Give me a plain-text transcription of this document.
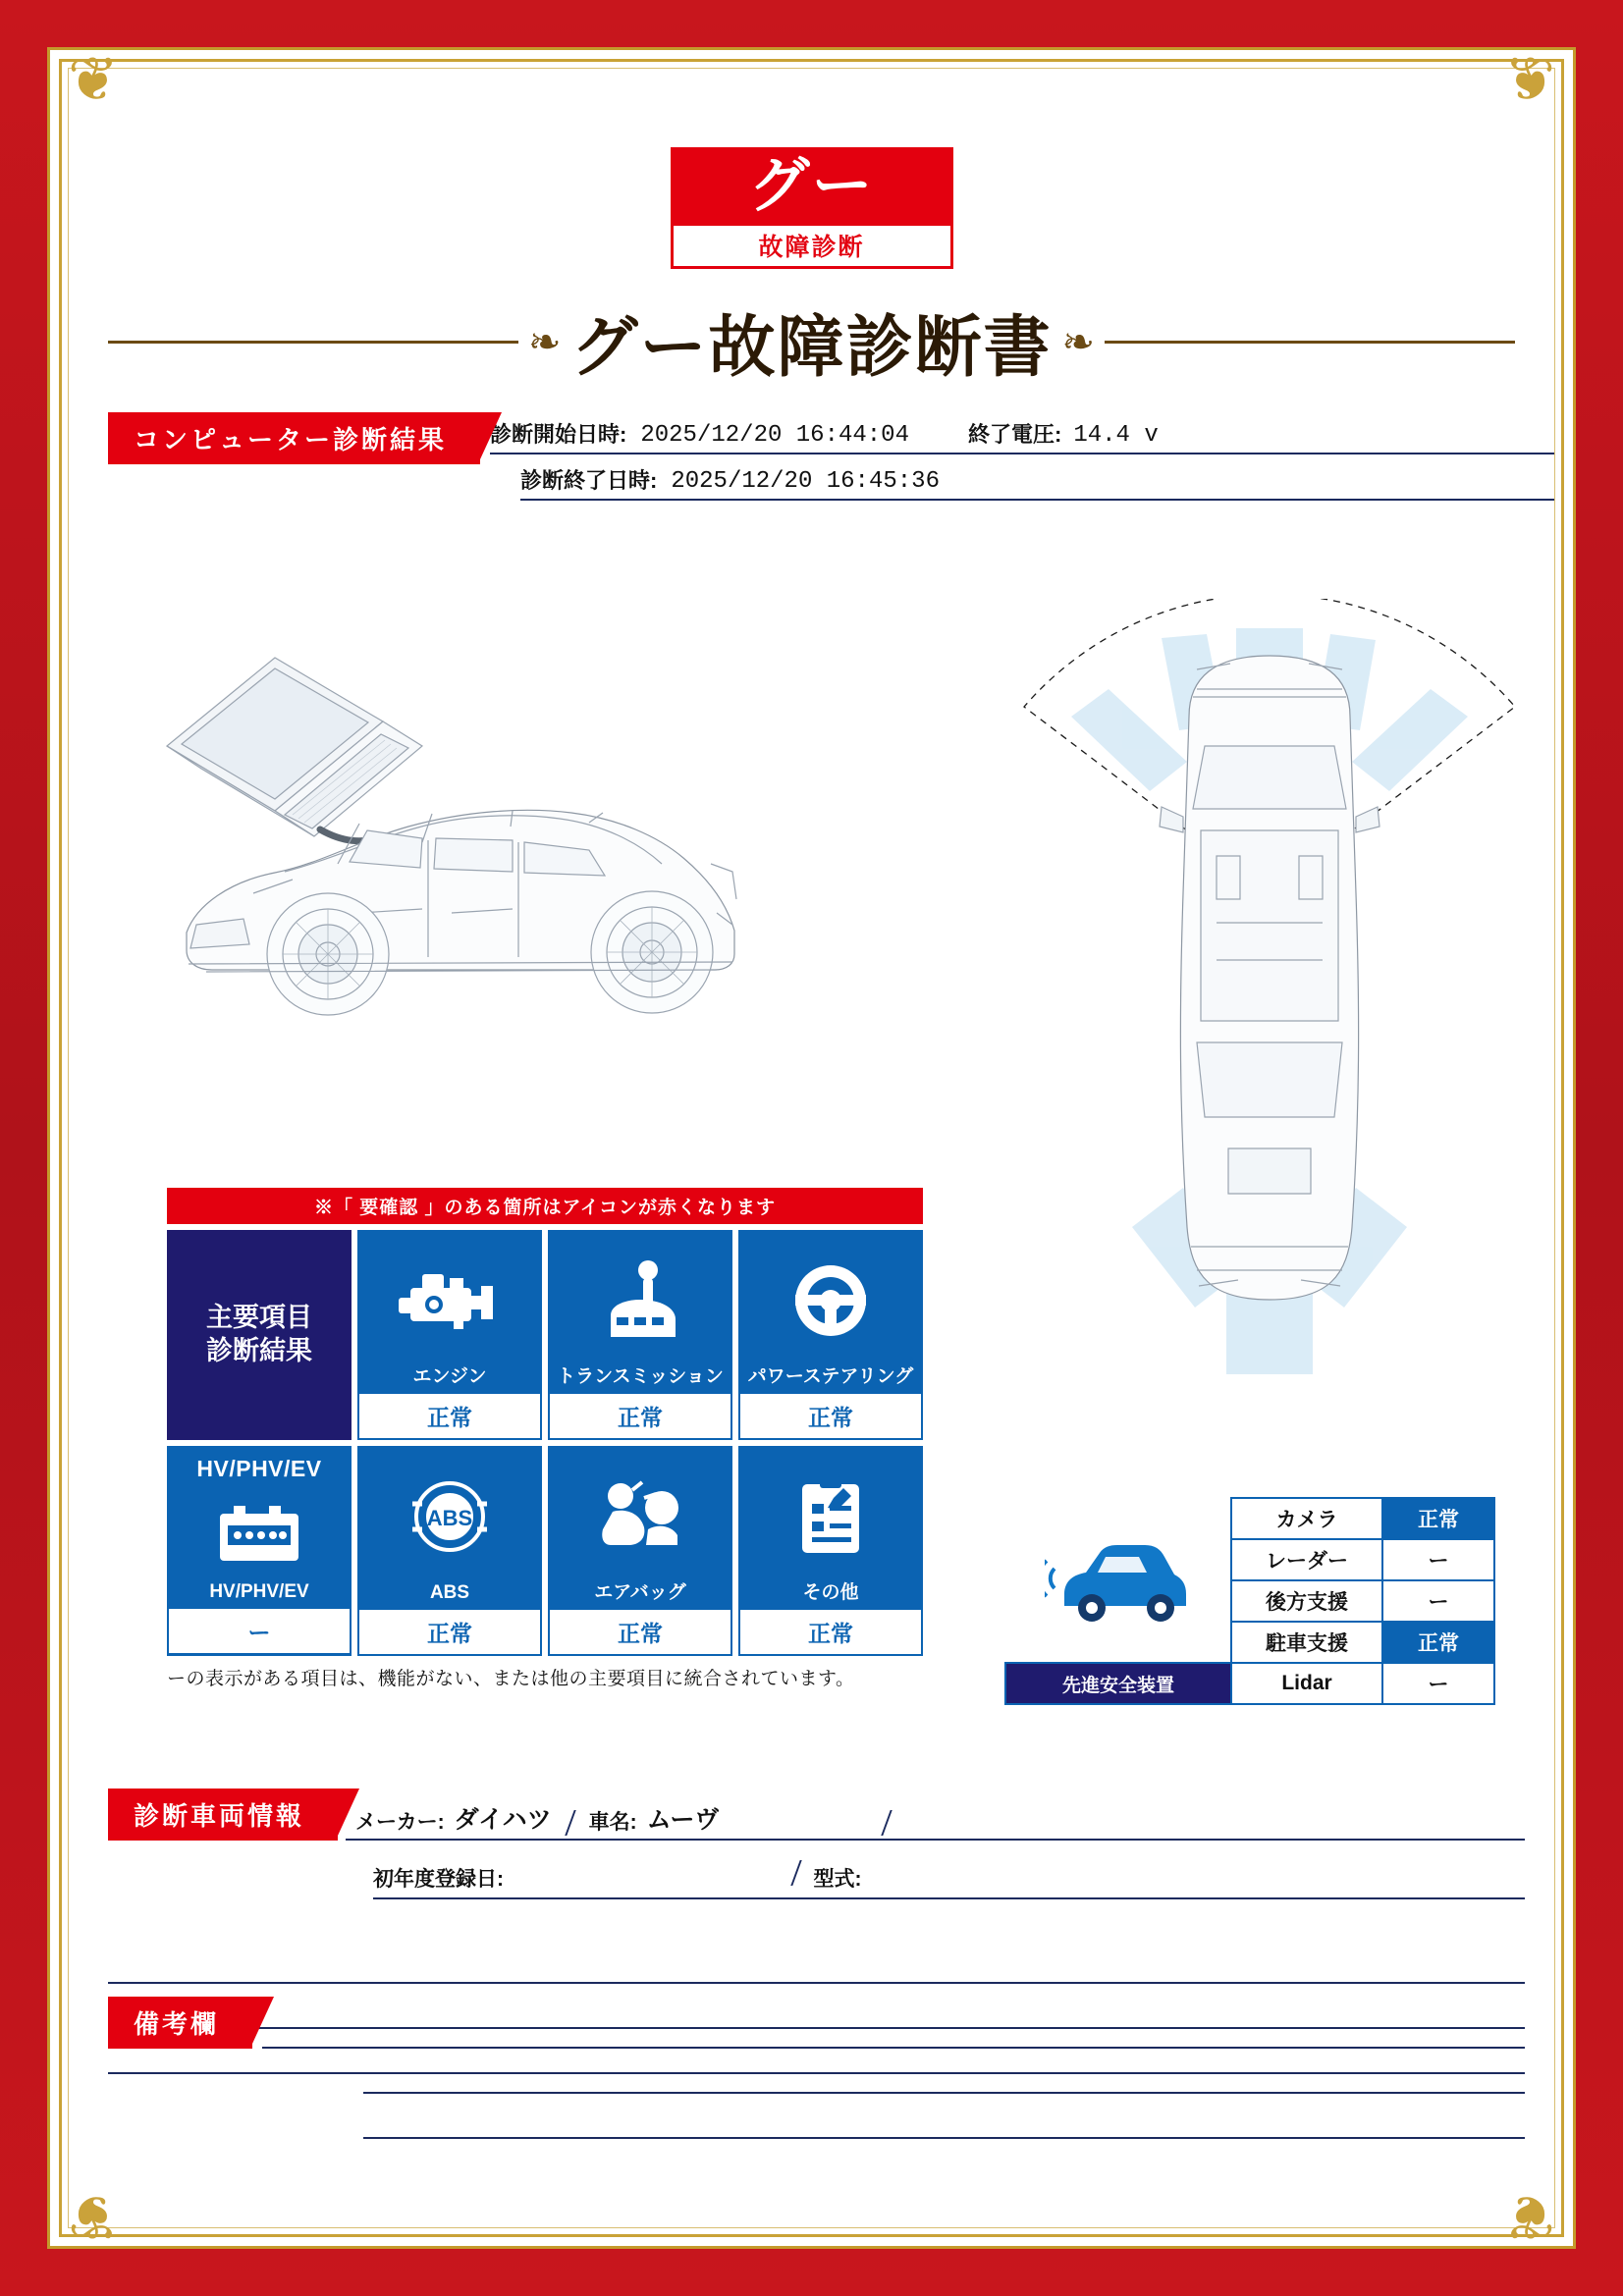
❦	❦
❦	❦
グー
故障診断
❧ グー故障診断書 ❧
コンピューター診断結果	診断開始日時: 2025/12/20 16:44:04	終了電圧: 14.4 v
診断終了日時: 2025/12/20 16:45:36
※「 要確認 」のある箇所はアイコンが赤くなります
主要項目
診断結果
エンジン
正常
トランスミッション
正常
パワーステアリング
正常
HV/PHV/EV
HV/PHV/EV
ー
ABS
ABS
正常
エアバッグ
正常
その他
正常
ーの表示がある項目は、機能がない、または他の主要項目に統合されています。
	カメラ	正常
	レーダー	ー
	後方支援	ー
	駐車支援	正常
先進安全装置	Lidar	ー
診断車両情報	メーカー: ダイハツ 車名: ムーヴ
初年度登録日:	型式:
備考欄
